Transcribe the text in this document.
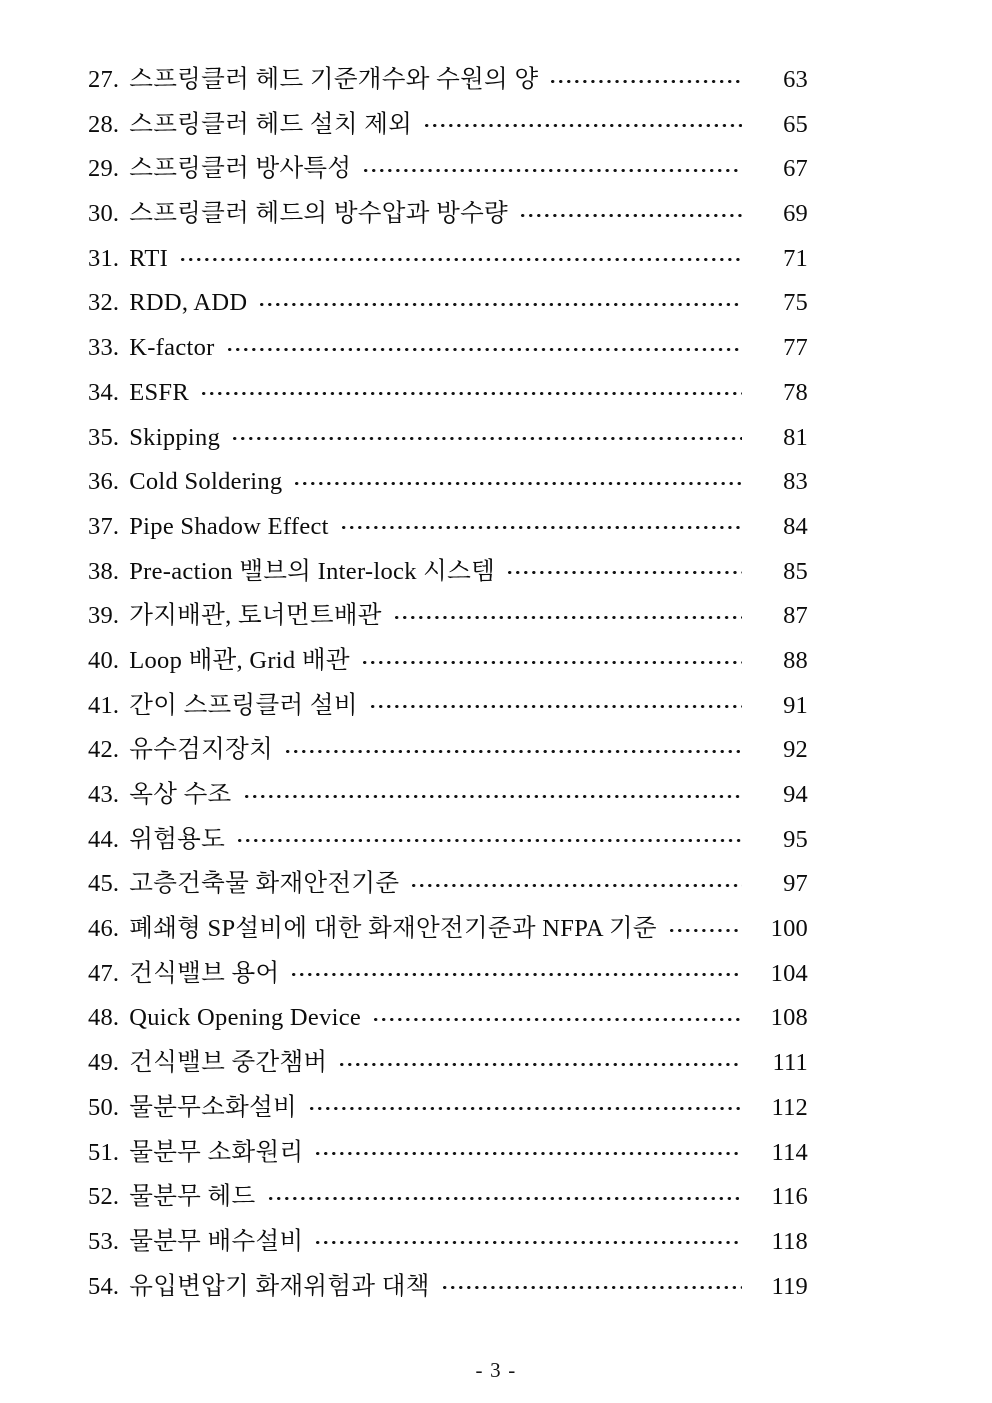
27. 스프링클러 헤드 기준개수와 수원의 양	63
28. 스프링클러 헤드 설치 제외	65
29. 스프링클러 방사특성	67
30. 스프링클러 헤드의 방수압과 방수량	69
31. RTI	71
32. RDD, ADD	75
33. K-factor	77
34. ESFR	78
35. Skipping	81
36. Cold Soldering	83
37. Pipe Shadow Effect	84
38. Pre-action 밸브의 Inter-lock 시스템	85
39. 가지배관, 토너먼트배관	87
40. Loop 배관, Grid 배관	88
41. 간이 스프링클러 설비	91
42. 유수검지장치	92
43. 옥상 수조	94
44. 위험용도	95
45. 고층건축물 화재안전기준	97
46. 폐쇄형 SP설비에 대한 화재안전기준과 NFPA 기준	100
47. 건식밸브 용어	104
48. Quick Opening Device	108
49. 건식밸브 중간챔버	111
50. 물분무소화설비	112
51. 물분무 소화원리	114
52. 물분무 헤드	116
53. 물분무 배수설비	118
54. 유입변압기 화재위험과 대책	119
- 3 -
